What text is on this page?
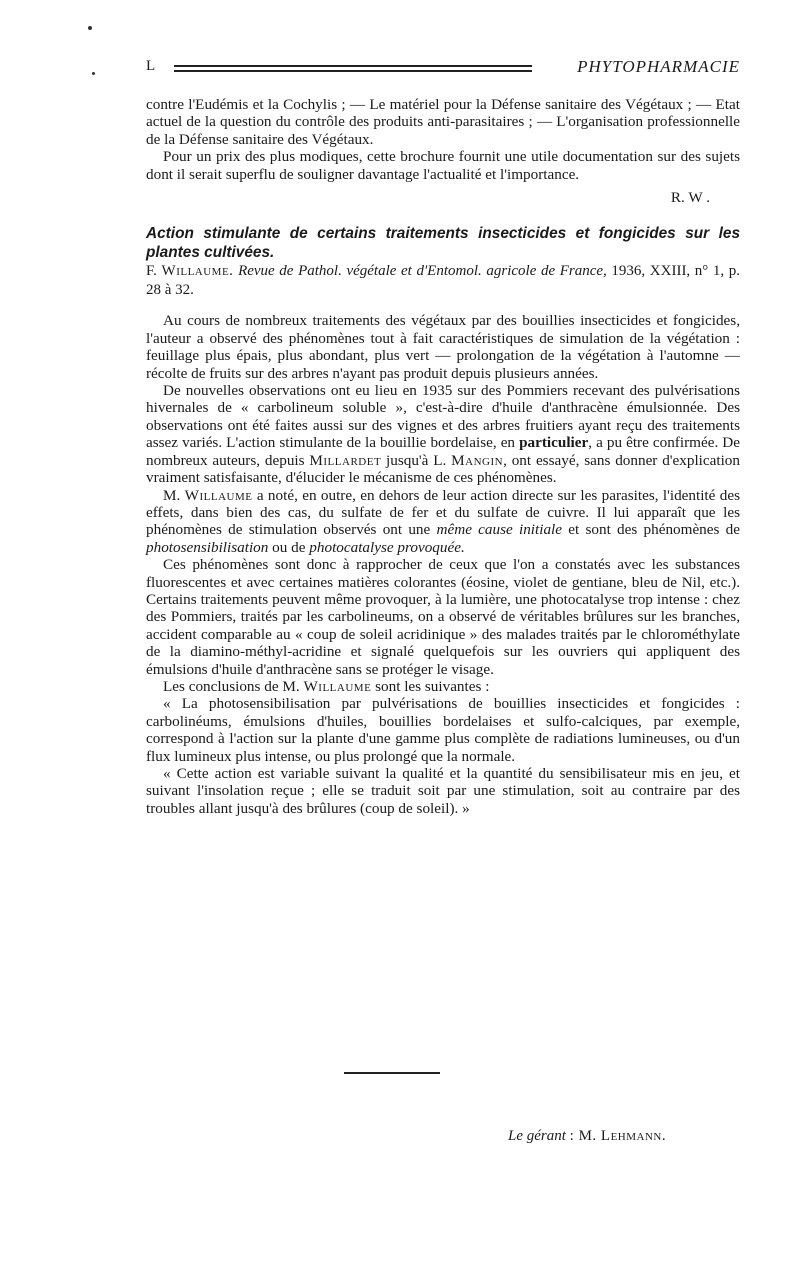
L	PHYTOPHARMACIE

contre l'Eudémis et la Cochylis ; — Le matériel pour la Défense sanitaire des Végétaux ; — Etat actuel de la question du contrôle des produits anti-parasitaires ; — L'organisation professionnelle de la Défense sanitaire des Végétaux.

Pour un prix des plus modiques, cette brochure fournit une utile documentation sur des sujets dont il serait superflu de souligner davantage l'actualité et l'importance.

R. W .

Action stimulante de certains traitements insecticides et fongicides sur les plantes cultivées.

F. Willaume. Revue de Pathol. végétale et d'Entomol. agricole de France, 1936, XXIII, n° 1, p. 28 à 32.

Au cours de nombreux traitements des végétaux par des bouillies insecticides et fongicides, l'auteur a observé des phénomènes tout à fait caractéristiques de simulation de la végétation : feuillage plus épais, plus abondant, plus vert — prolongation de la végétation à l'automne — récolte de fruits sur des arbres n'ayant pas produit depuis plusieurs années.

De nouvelles observations ont eu lieu en 1935 sur des Pommiers recevant des pulvérisations hivernales de « carbolineum soluble », c'est-à-dire d'huile d'anthracène émulsionnée. Des observations ont été faites aussi sur des vignes et des arbres fruitiers ayant reçu des traitements assez variés. L'action stimulante de la bouillie bordelaise, en particulier, a pu être confirmée. De nombreux auteurs, depuis Millardet jusqu'à L. Mangin, ont essayé, sans donner d'explication vraiment satisfaisante, d'élucider le mécanisme de ces phénomènes.

M. Willaume a noté, en outre, en dehors de leur action directe sur les parasites, l'identité des effets, dans bien des cas, du sulfate de fer et du sulfate de cuivre. Il lui apparaît que les phénomènes de stimulation observés ont une même cause initiale et sont des phénomènes de photosensibilisation ou de photocatalyse provoquée.

Ces phénomènes sont donc à rapprocher de ceux que l'on a constatés avec les substances fluorescentes et avec certaines matières colorantes (éosine, violet de gentiane, bleu de Nil, etc.). Certains traitements peuvent même provoquer, à la lumière, une photocatalyse trop intense : chez des Pommiers, traités par les carbolineums, on a observé de véritables brûlures sur les branches, accident comparable au « coup de soleil acridinique » des malades traités par le chlorométhylate de la diamino-méthyl-acridine et signalé quelquefois sur les ouvriers qui appliquent des émulsions d'huile d'anthracène sans se protéger le visage.

Les conclusions de M. Willaume sont les suivantes :

« La photosensibilisation par pulvérisations de bouillies insecticides et fongicides : carbolinéums, émulsions d'huiles, bouillies bordelaises et sulfo-calciques, par exemple, correspond à l'action sur la plante d'une gamme plus complète de radiations lumineuses, ou d'un flux lumineux plus intense, ou plus prolongé que la normale.

« Cette action est variable suivant la qualité et la quantité du sensibilisateur mis en jeu, et suivant l'insolation reçue ; elle se traduit soit par une stimulation, soit au contraire par des troubles allant jusqu'à des brûlures (coup de soleil). »

Le gérant : M. Lehmann.
